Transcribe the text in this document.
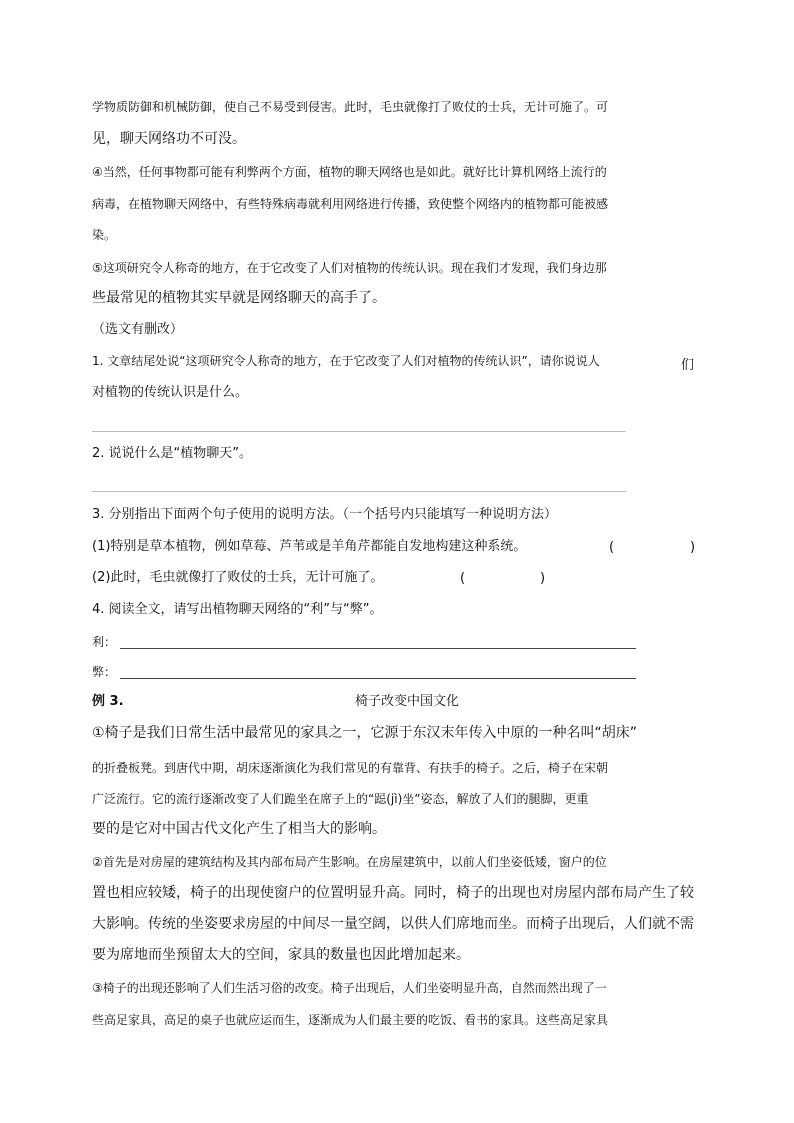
学物质防御和机械防御，使自己不易受到侵害。此时，毛虫就像打了败仗的士兵，无计可施了。可
见，聊天网络功不可没。
④当然，任何事物都可能有利弊两个方面，植物的聊天网络也是如此。就好比计算机网络上流行的
病毒，在植物聊天网络中，有些特殊病毒就利用网络进行传播，致使整个网络内的植物都可能被感
染。
⑤这项研究令人称奇的地方，在于它改变了人们对植物的传统认识。现在我们才发现，我们身边那
些最常见的植物其实早就是网络聊天的高手了。
（选文有删改）
1. 文章结尾处说“这项研究令人称奇的地方，在于它改变了人们对植物的传统认识”，请你说说人	们
对植物的传统认识是什么。
2. 说说什么是“植物聊天”。
3. 分别指出下面两个句子使用的说明方法。（一个括号内只能填写一种说明方法）
(1)特别是草本植物，例如草莓、芦苇或是羊角芹都能自发地构建这种系统。	(	)
(2)此时，毛虫就像打了败仗的士兵，无计可施了。	(	)
4. 阅读全文，请写出植物聊天网络的“利”与“弊”。
利：
弊：
例 3.	椅子改变中国文化
①椅子是我们日常生活中最常见的家具之一，它源于东汉末年传入中原的一种名叫“胡床”
的折叠板凳。到唐代中期，胡床逐渐演化为我们常见的有靠背、有扶手的椅子。之后，椅子在宋朝
广泛流行。它的流行逐渐改变了人们跪坐在席子上的“跽(jì)坐”姿态，解放了人们的腿脚，更重
要的是它对中国古代文化产生了相当大的影响。
②首先是对房屋的建筑结构及其内部布局产生影响。在房屋建筑中，以前人们坐姿低矮，窗户的位
置也相应较矮，椅子的出现使窗户的位置明显升高。同时，椅子的出现也对房屋内部布局产生了较
大影响。传统的坐姿要求房屋的中间尽一量空阔，以供人们席地而坐。而椅子出现后，人们就不需
要为席地而坐预留太大的空间，家具的数量也因此增加起来。
③椅子的出现还影响了人们生活习俗的改变。椅子出现后，人们坐姿明显升高，自然而然出现了一
些高足家具，高足的桌子也就应运而生，逐渐成为人们最主要的吃饭、看书的家具。这些高足家具
